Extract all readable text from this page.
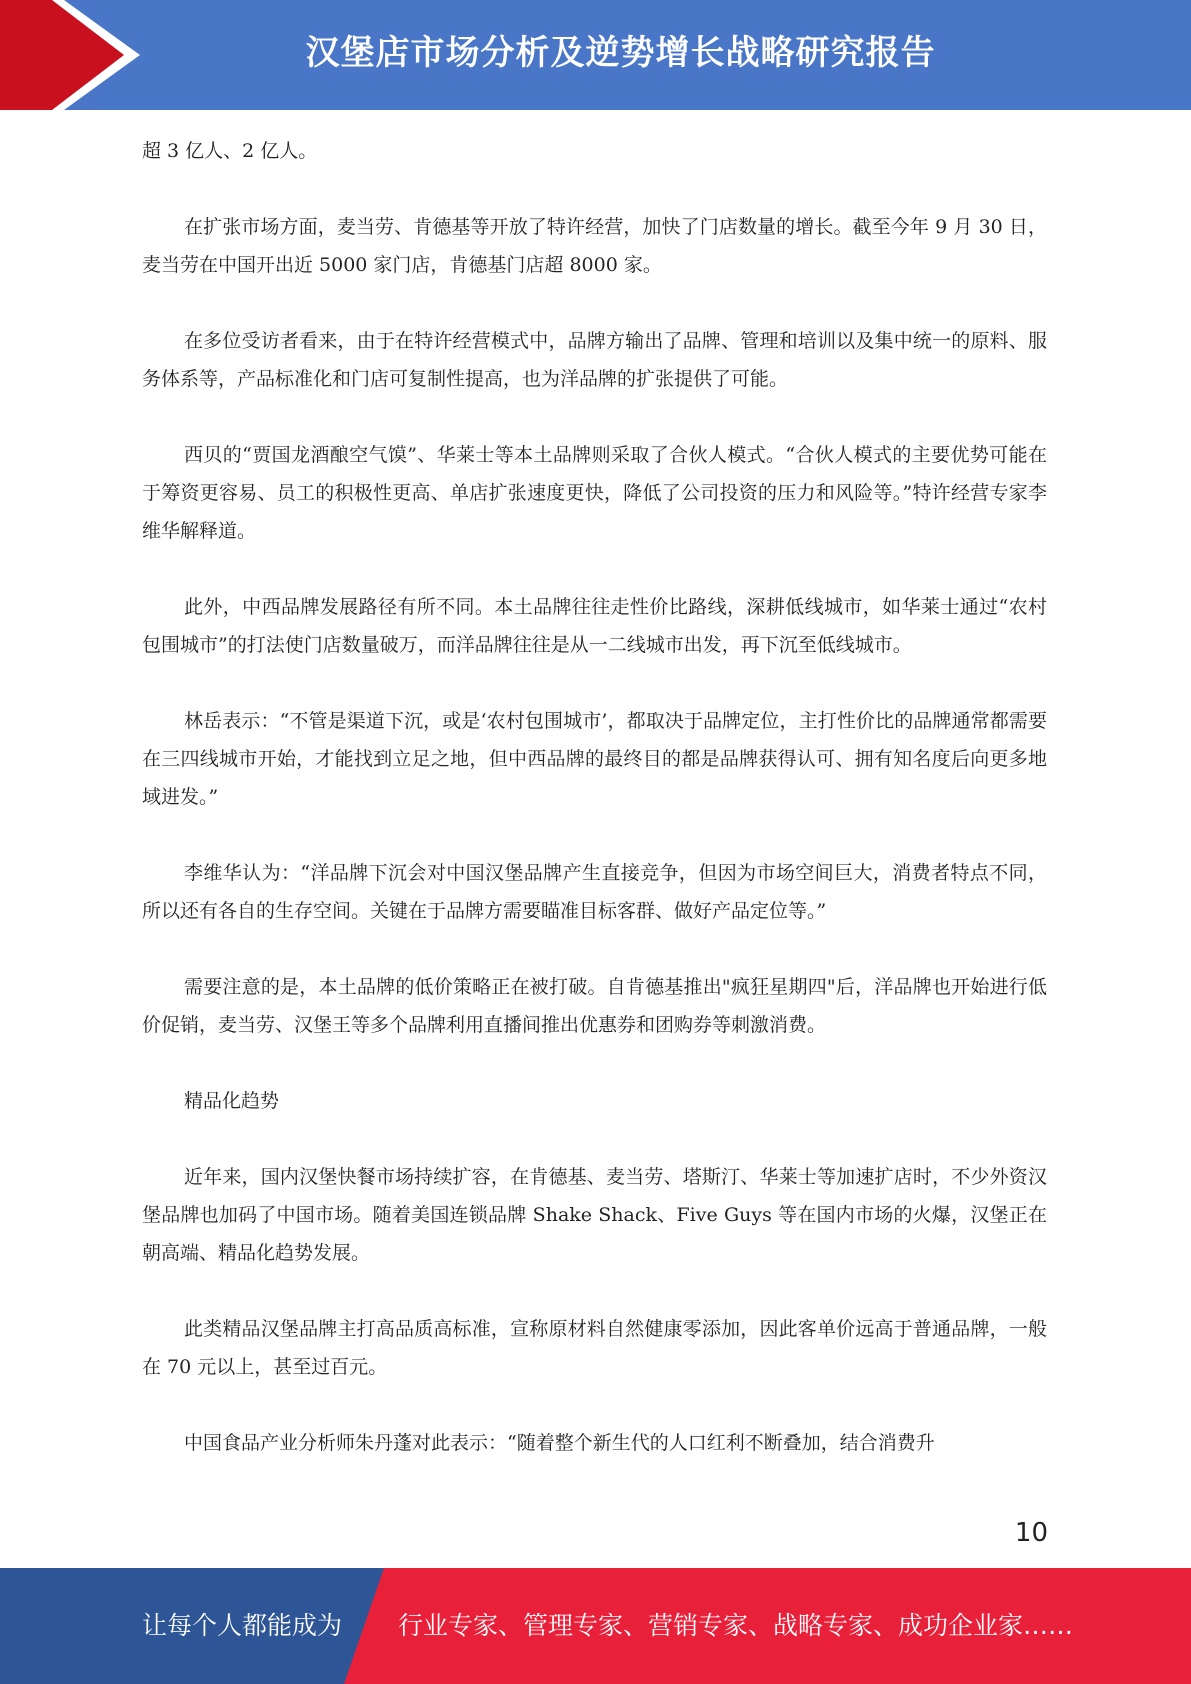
汉堡店市场分析及逆势增长战略研究报告

超 3 亿人、2 亿人。

在扩张市场方面，麦当劳、肯德基等开放了特许经营，加快了门店数量的增长。截至今年 9 月 30 日，麦当劳在中国开出近 5000 家门店，肯德基门店超 8000 家。

在多位受访者看来，由于在特许经营模式中，品牌方输出了品牌、管理和培训以及集中统一的原料、服务体系等，产品标准化和门店可复制性提高，也为洋品牌的扩张提供了可能。

西贝的“贾国龙酒酿空气馍”、华莱士等本土品牌则采取了合伙人模式。“合伙人模式的主要优势可能在于筹资更容易、员工的积极性更高、单店扩张速度更快，降低了公司投资的压力和风险等。”特许经营专家李维华解释道。

此外，中西品牌发展路径有所不同。本土品牌往往走性价比路线，深耕低线城市，如华莱士通过“农村包围城市”的打法使门店数量破万，而洋品牌往往是从一二线城市出发，再下沉至低线城市。

林岳表示：“不管是渠道下沉，或是‘农村包围城市’，都取决于品牌定位，主打性价比的品牌通常都需要在三四线城市开始，才能找到立足之地，但中西品牌的最终目的都是品牌获得认可、拥有知名度后向更多地域进发。”

李维华认为：“洋品牌下沉会对中国汉堡品牌产生直接竞争，但因为市场空间巨大，消费者特点不同，所以还有各自的生存空间。关键在于品牌方需要瞄准目标客群、做好产品定位等。”

需要注意的是，本土品牌的低价策略正在被打破。自肯德基推出"疯狂星期四"后，洋品牌也开始进行低价促销，麦当劳、汉堡王等多个品牌利用直播间推出优惠券和团购券等刺激消费。

精品化趋势

近年来，国内汉堡快餐市场持续扩容，在肯德基、麦当劳、塔斯汀、华莱士等加速扩店时，不少外资汉堡品牌也加码了中国市场。随着美国连锁品牌 Shake Shack、Five Guys 等在国内市场的火爆，汉堡正在朝高端、精品化趋势发展。

此类精品汉堡品牌主打高品质高标准，宣称原材料自然健康零添加，因此客单价远高于普通品牌，一般在 70 元以上，甚至过百元。

中国食品产业分析师朱丹蓬对此表示：“随着整个新生代的人口红利不断叠加，结合消费升

10
让每个人都能成为 行业专家、管理专家、营销专家、战略专家、成功企业家……
